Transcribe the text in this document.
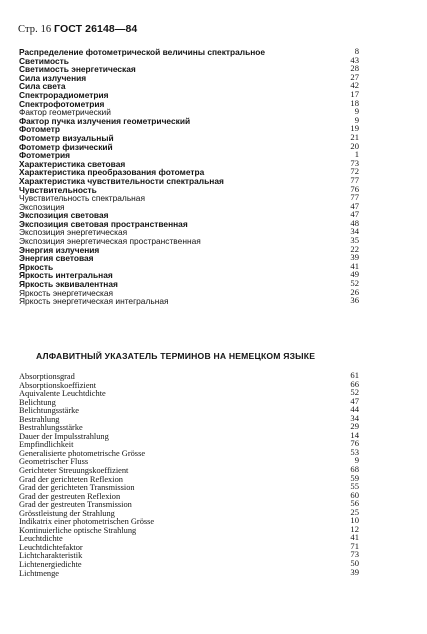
Стр. 16 ГОСТ 26148—84
Распределение фотометрической величины спектральное	8
Светимость	43
Светимость энергетическая	28
Сила излучения	27
Сила света	42
Спектрорадиометрия	17
Спектрофотометрия	18
Фактор геометрический	9
Фактор пучка излучения геометрический	9
Фотометр	19
Фотометр визуальный	21
Фотометр физический	20
Фотометрия	1
Характеристика световая	73
Характеристика преобразования фотометра	72
Характеристика чувствительности спектральная	77
Чувствительность	76
Чувствительность спектральная	77
Экспозиция	47
Экспозиция световая	47
Экспозиция световая пространственная	48
Экспозиция энергетическая	34
Экспозиция энергетическая пространственная	35
Энергия излучения	22
Энергия световая	39
Яркость	41
Яркость интегральная	49
Яркость эквивалентная	52
Яркость энергетическая	26
Яркость энергетическая интегральная	36
АЛФАВИТНЫЙ УКАЗАТЕЛЬ ТЕРМИНОВ НА НЕМЕЦКОМ ЯЗЫКЕ
Absorptionsgrad	61
Absorptionskoeffizient	66
Aquivalente Leuchtdichte	52
Belichtung	47
Belichtungsstärke	44
Bestrahlung	34
Bestrahlungsstärke	29
Dauer der Impulsstrahlung	14
Empfindlichkeit	76
Generalisierte photometrische Grösse	53
Geometrischer Fluss	9
Gerichteter Streuungskoeffizient	68
Grad der gerichteten Reflexion	59
Grad der gerichteten Transmission	55
Grad der gestreuten Reflexion	60
Grad der gestreuten Transmission	56
Grösstleistung der Strahlung	25
Indikatrix einer photometrischen Grösse	10
Kontinuierliche optische Strahlung	12
Leuchtdichte	41
Leuchtdichtefaktor	71
Lichtcharakteristik	73
Lichtenergiedichte	50
Lichtmenge	39
